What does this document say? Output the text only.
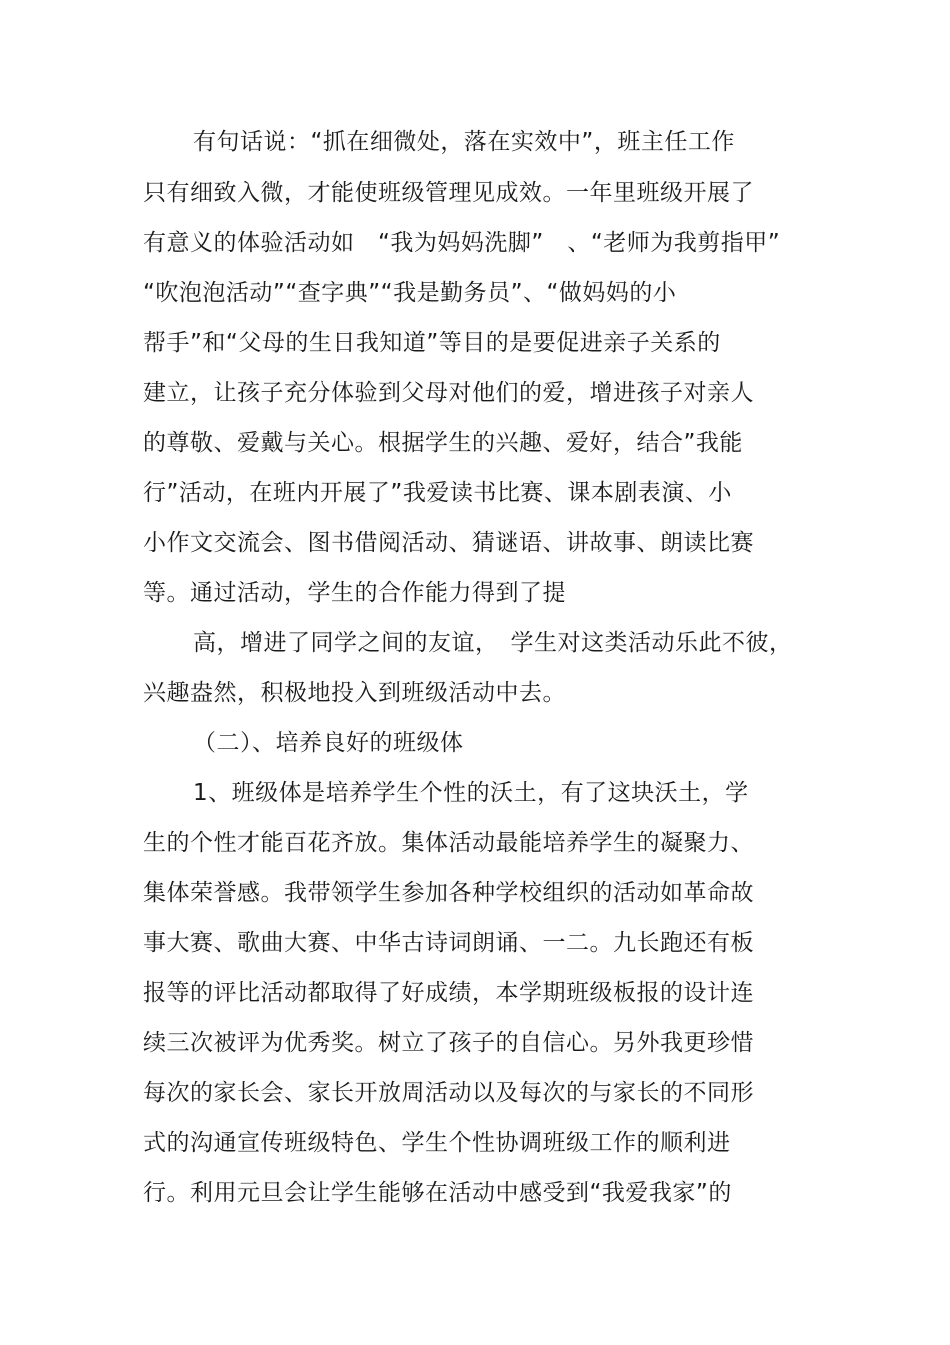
有句话说：“抓在细微处，落在实效中”，班主任工作
只有细致入微，才能使班级管理见成效。一年里班级开展了
有意义的体验活动如　“我为妈妈洗脚”　、“老师为我剪指甲”
“吹泡泡活动”“查字典”“我是勤务员”、“做妈妈的小
帮手”和“父母的生日我知道”等目的是要促进亲子关系的
建立，让孩子充分体验到父母对他们的爱，增进孩子对亲人
的尊敬、爱戴与关心。根据学生的兴趣、爱好，结合”我能
行”活动，在班内开展了”我爱读书比赛、课本剧表演、小
小作文交流会、图书借阅活动、猜谜语、讲故事、朗读比赛
等。通过活动，学生的合作能力得到了提
高，增进了同学之间的友谊，　学生对这类活动乐此不彼，
兴趣盎然，积极地投入到班级活动中去。
（二）、培养良好的班级体
1、班级体是培养学生个性的沃土，有了这块沃土，学
生的个性才能百花齐放。集体活动最能培养学生的凝聚力、
集体荣誉感。我带领学生参加各种学校组织的活动如革命故
事大赛、歌曲大赛、中华古诗词朗诵、一二。九长跑还有板
报等的评比活动都取得了好成绩，本学期班级板报的设计连
续三次被评为优秀奖。树立了孩子的自信心。另外我更珍惜
每次的家长会、家长开放周活动以及每次的与家长的不同形
式的沟通宣传班级特色、学生个性协调班级工作的顺利进
行。利用元旦会让学生能够在活动中感受到“我爱我家”的
